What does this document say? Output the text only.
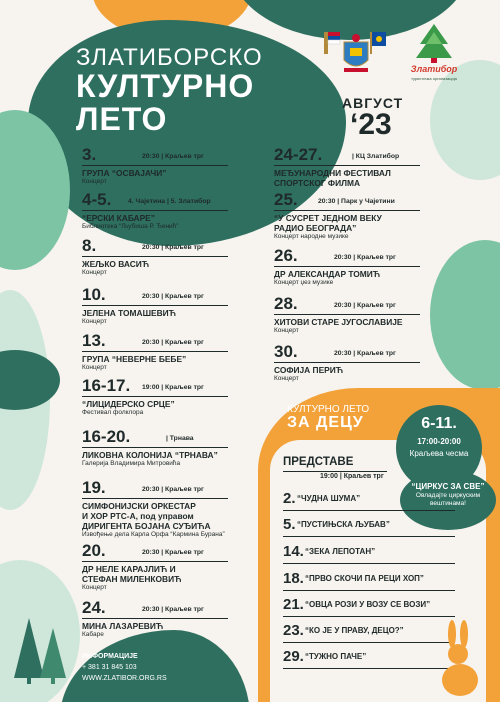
ЗЛАТИБОРСКО
КУЛТУРНО
ЛЕТО	АВГУСТ
‘23
Златибор
туристичка организација
3.	20:30 | Краљев трг
ГРУПА “ОСВАЈАЧИ”
Концерт
4-5. 4. Чајетина | 5. Златибор
“ЕРСКИ КАБАРЕ”
Библиотека “Љубиша Р. Ђенић”
8.	20:30 | Краљев трг
ЖЕЉКО ВАСИЋ
Концерт
10.	20:30 | Краљев трг
ЈЕЛЕНА ТОМАШЕВИЋ
Концерт
13.	20:30 | Краљев трг
ГРУПА “НЕВЕРНЕ БЕБЕ”
Концерт
16-17. 19:00 | Краљев трг
“ЛИЦИДЕРСКО СРЦЕ”
Фестивал фолклора
16-20.	| Трнава
ЛИКОВНА КОЛОНИЈА “ТРНАВА”
Галерија Владимира Митровића
19.	20:30 | Краљев трг
СИМФОНИЈСКИ ОРКЕСТАР
И ХОР РТС-А, под управом
ДИРИГЕНТА БОЈАНА СУЂИЋА
Извођење дела Карла Орфа “Кармина Бурана”
20.	20:30 | Краљев трг
ДР НЕЛЕ КАРАЈЛИЋ И
СТЕФАН МИЛЕНКОВИЋ
Концерт
24.	20:30 | Краљев трг
МИНА ЛАЗАРЕВИЋ
Кабаре
24-27.	| КЦ Златибор
МЕЂУНАРОДНИ ФЕСТИВАЛ
СПОРТСКОГ ФИЛМА
25.	20:30 | Парк у Чајетини
“У СУСРЕТ ЈЕДНОМ ВЕКУ
РАДИО БЕОГРАДА”
Концерт народне музике
26.	20:30 | Краљев трг
ДР АЛЕКСАНДАР ТОМИЋ
Концерт џез музике
28.	20:30 | Краљев трг
ХИТОВИ СТАРЕ ЈУГОСЛАВИЈЕ
Концерт
30.	20:30 | Краљев трг
СОФИЈА ПЕРИЋ
Концерт
КУЛТУРНО ЛЕТО
ЗА ДЕЦУ	6-11.
17:00-20:00
Краљева чесма
“ЦИРКУС ЗА СВЕ”
Овладајте циркуским вештинама!
ПРЕДСТАВЕ
19:00 | Краљев трг
2. “ЧУДНА ШУМА”
5. “ПУСТИЊСКА ЉУБАВ”
14. “ЗЕКА ЛЕПОТАН”
18. “ПРВО СКОЧИ ПА РЕЦИ ХОП”
21. “ОВЦА РОЗИ У ВОЗУ СЕ ВОЗИ”
23. “КО ЈЕ У ПРАВУ, ДЕЦО?”
29. “ТУЖНО ПАЧЕ”
ИНФОРМАЦИЈЕ
+ 381 31 845 103
WWW.ZLATIBOR.ORG.RS
